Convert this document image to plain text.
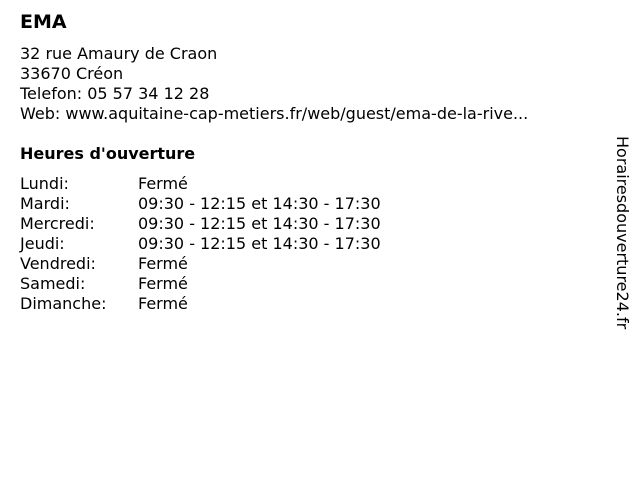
EMA
32 rue Amaury de Craon
33670 Créon
Telefon: 05 57 34 12 28
Web: www.aquitaine-cap-metiers.fr/web/guest/ema-de-la-rive...
Heures d'ouverture
Lundi:	Fermé
Mardi:	09:30 - 12:15 et 14:30 - 17:30
Mercredi:	09:30 - 12:15 et 14:30 - 17:30
Jeudi:	09:30 - 12:15 et 14:30 - 17:30
Vendredi:	Fermé
Samedi:	Fermé
Dimanche:	Fermé	Horairesdouverture24.fr
